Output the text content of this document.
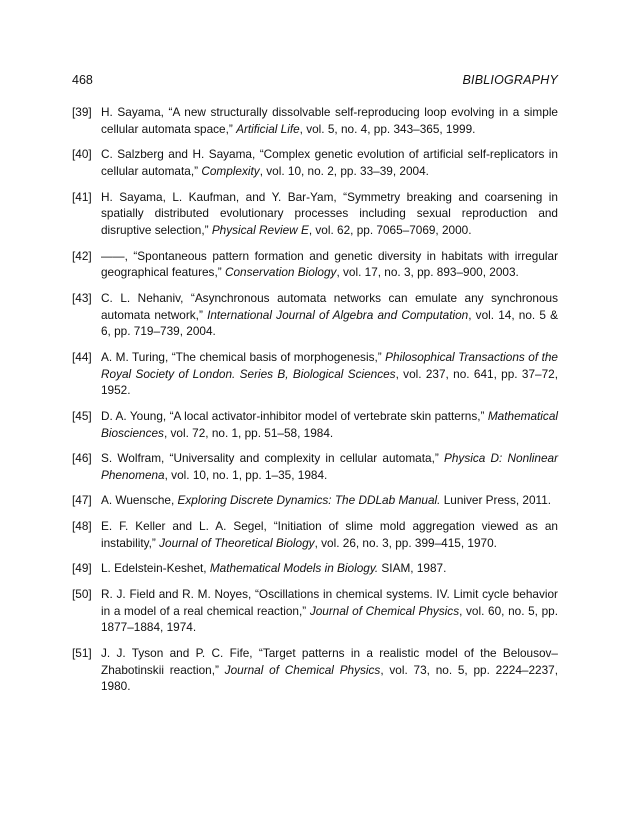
468	BIBLIOGRAPHY
[39] H. Sayama, “A new structurally dissolvable self-reproducing loop evolving in a simple cellular automata space,” Artificial Life, vol. 5, no. 4, pp. 343–365, 1999.
[40] C. Salzberg and H. Sayama, “Complex genetic evolution of artificial self-replicators in cellular automata,” Complexity, vol. 10, no. 2, pp. 33–39, 2004.
[41] H. Sayama, L. Kaufman, and Y. Bar-Yam, “Symmetry breaking and coarsening in spatially distributed evolutionary processes including sexual reproduction and disruptive selection,” Physical Review E, vol. 62, pp. 7065–7069, 2000.
[42] ——, “Spontaneous pattern formation and genetic diversity in habitats with irregular geographical features,” Conservation Biology, vol. 17, no. 3, pp. 893–900, 2003.
[43] C. L. Nehaniv, “Asynchronous automata networks can emulate any synchronous automata network,” International Journal of Algebra and Computation, vol. 14, no. 5 & 6, pp. 719–739, 2004.
[44] A. M. Turing, “The chemical basis of morphogenesis,” Philosophical Transactions of the Royal Society of London. Series B, Biological Sciences, vol. 237, no. 641, pp. 37–72, 1952.
[45] D. A. Young, “A local activator-inhibitor model of vertebrate skin patterns,” Mathematical Biosciences, vol. 72, no. 1, pp. 51–58, 1984.
[46] S. Wolfram, “Universality and complexity in cellular automata,” Physica D: Nonlinear Phenomena, vol. 10, no. 1, pp. 1–35, 1984.
[47] A. Wuensche, Exploring Discrete Dynamics: The DDLab Manual. Luniver Press, 2011.
[48] E. F. Keller and L. A. Segel, “Initiation of slime mold aggregation viewed as an instability,” Journal of Theoretical Biology, vol. 26, no. 3, pp. 399–415, 1970.
[49] L. Edelstein-Keshet, Mathematical Models in Biology. SIAM, 1987.
[50] R. J. Field and R. M. Noyes, “Oscillations in chemical systems. IV. Limit cycle behavior in a model of a real chemical reaction,” Journal of Chemical Physics, vol. 60, no. 5, pp. 1877–1884, 1974.
[51] J. J. Tyson and P. C. Fife, “Target patterns in a realistic model of the Belousov–Zhabotinskii reaction,” Journal of Chemical Physics, vol. 73, no. 5, pp. 2224–2237, 1980.
